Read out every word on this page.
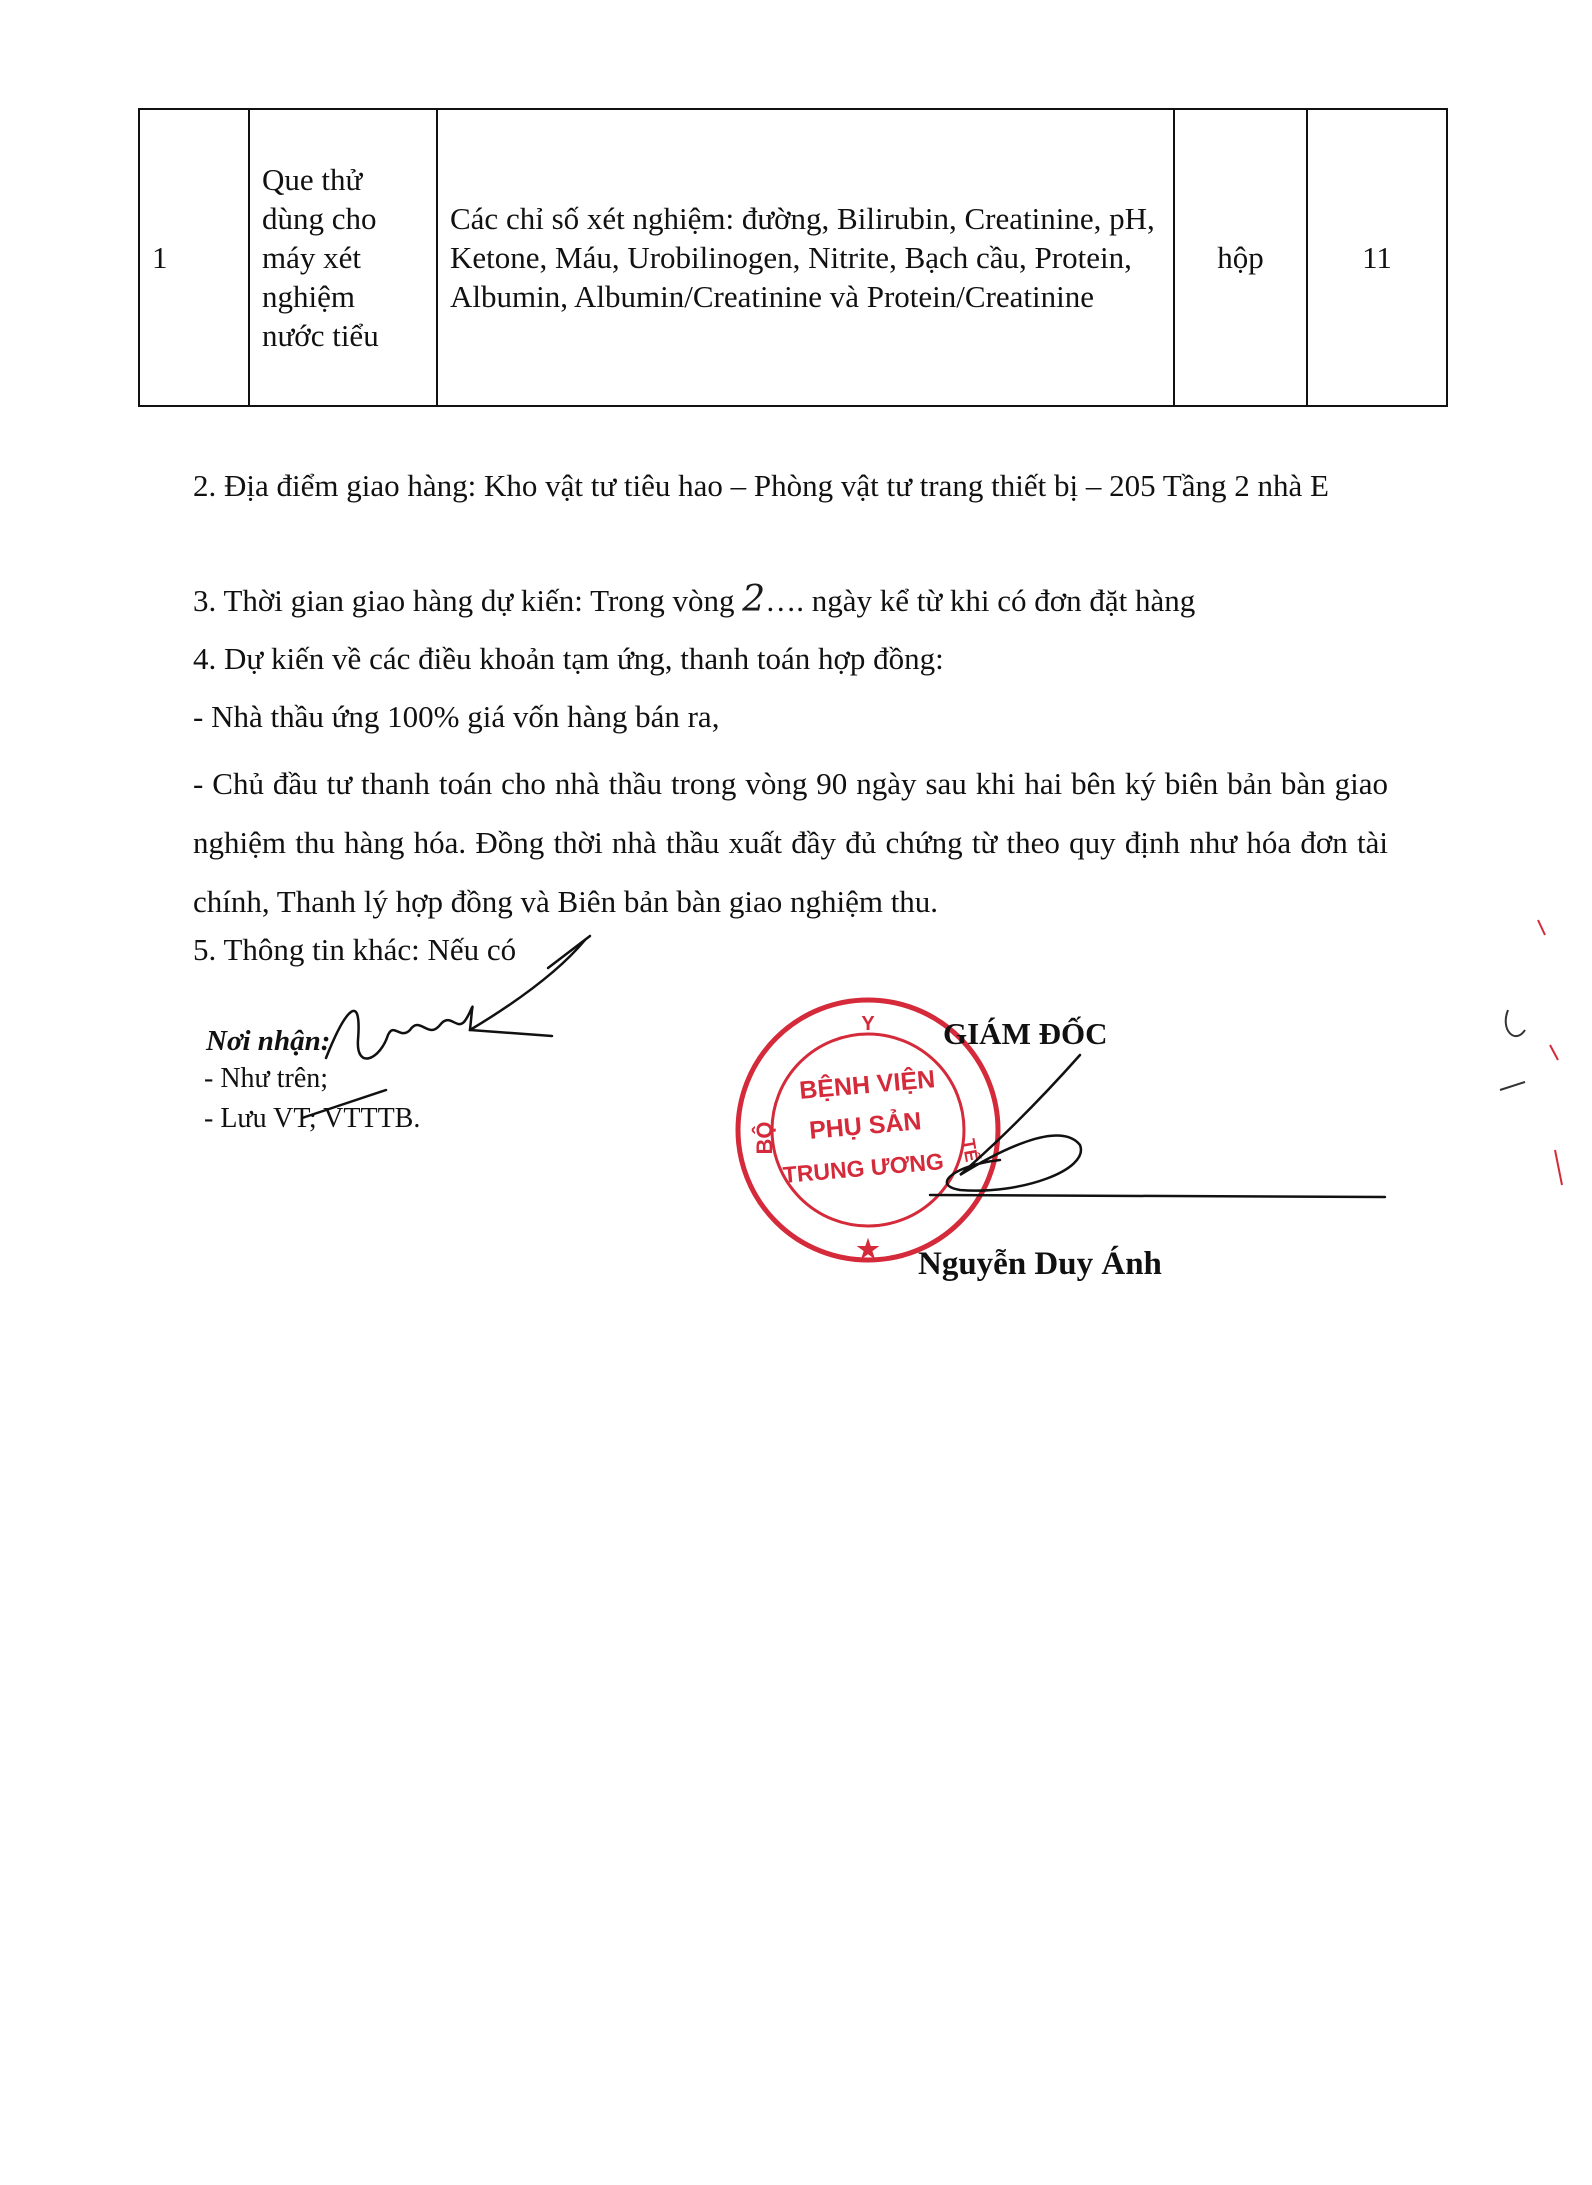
1	Que thử dùng cho máy xét nghiệm nước tiểu	Các chỉ số xét nghiệm: đường, Bilirubin, Creatinine, pH, Ketone, Máu, Urobilinogen, Nitrite, Bạch cầu, Protein, Albumin, Albumin/Creatinine và Protein/Creatinine	hộp	11

2. Địa điểm giao hàng: Kho vật tư tiêu hao – Phòng vật tư trang thiết bị – 205 Tầng 2 nhà E

3. Thời gian giao hàng dự kiến: Trong vòng 2…. ngày kể từ khi có đơn đặt hàng

4. Dự kiến về các điều khoản tạm ứng, thanh toán hợp đồng:

- Nhà thầu ứng 100% giá vốn hàng bán ra,

- Chủ đầu tư thanh toán cho nhà thầu trong vòng 90 ngày sau khi hai bên ký biên bản bàn giao nghiệm thu hàng hóa. Đồng thời nhà thầu xuất đầy đủ chứng từ theo quy định như hóa đơn tài chính, Thanh lý hợp đồng và Biên bản bàn giao nghiệm thu.

5. Thông tin khác: Nếu có

Nơi nhận:
- Như trên;
- Lưu VT; VTTTB.
Y
BỘ	TẾ
BỆNH VIỆN
PHỤ SẢN
TRUNG ƯƠNG
★
GIÁM ĐỐC
Nguyễn Duy Ánh
